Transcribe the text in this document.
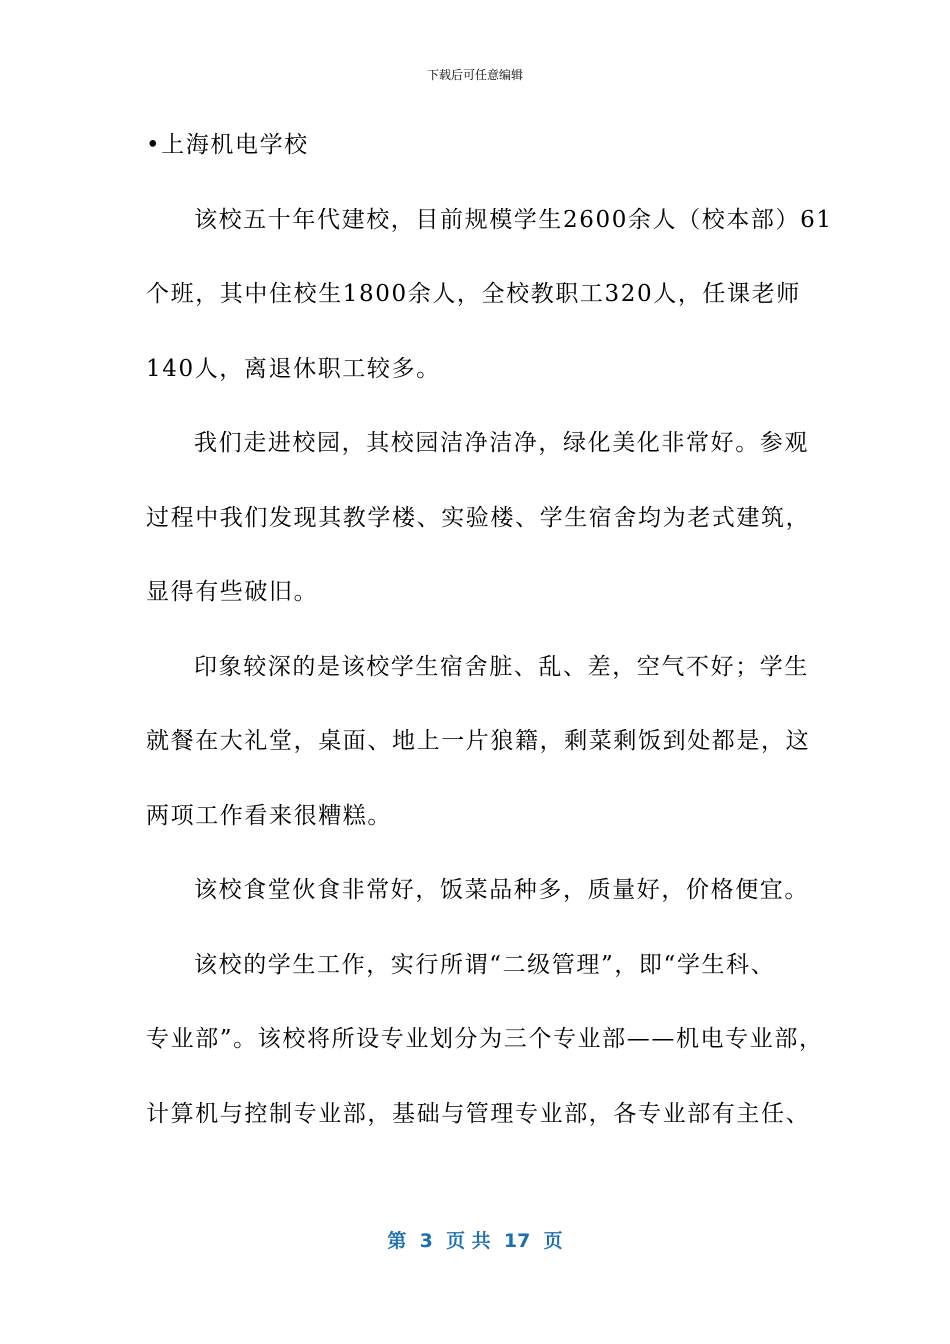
下载后可任意编辑
•上海机电学校
该校五十年代建校，目前规模学生2600余人（校本部）61
个班，其中住校生1800余人，全校教职工320人，任课老师
140人，离退休职工较多。
我们走进校园，其校园洁净洁净，绿化美化非常好。参观
过程中我们发现其教学楼、实验楼、学生宿舍均为老式建筑，
显得有些破旧。
印象较深的是该校学生宿舍脏、乱、差，空气不好；学生
就餐在大礼堂，桌面、地上一片狼籍，剩菜剩饭到处都是，这
两项工作看来很糟糕。
该校食堂伙食非常好，饭菜品种多，质量好，价格便宜。
该校的学生工作，实行所谓“二级管理”，即“学生科、
专业部”。该校将所设专业划分为三个专业部——机电专业部，
计算机与控制专业部，基础与管理专业部，各专业部有主任、
第  3  页 共  17  页
